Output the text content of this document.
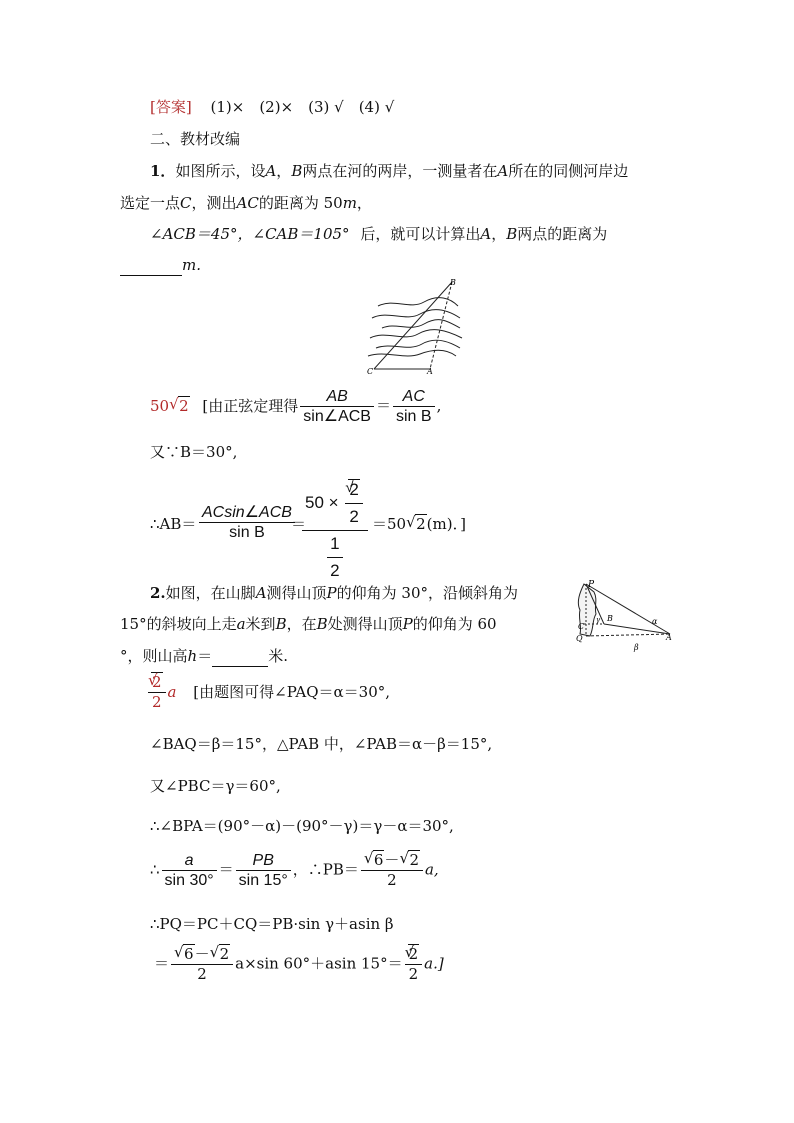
[答案] (1)×　(2)×　(3) √　(4) √
二、教材改编
1．如图所示，设A，B两点在河的两岸，一测量者在A所在的同侧河岸边
选定一点C，测出AC的距离为 50m，
∠ACB＝45°，∠CAB＝105° 后，就可以计算出A，B两点的距离为
m.
B
C	A
50√ 2 [由正弦定理得 $\frac{AB}{\text{sin∠ACB}} = \frac{AC}{\text{sin B}}$ ,
又∵B＝30°,
∴AB＝
ACsin∠ACB
sin B	＝
50 ×
√ $\frac{2}{2}$
$\frac{1}{2} =50√$ 2(m)．]
2.如图，在山脚A测得山顶P的仰角为 30°，沿倾斜角为
15°的斜坡向上走a米到B，在B处测得山顶P的仰角为 60
°，则山高h＝	米.
P
B
C
Q	A
α
β
γ
√ $\frac{2}{2}$ a [由题图可得∠PAQ＝α＝30°,
∠BAQ＝β＝15°，△PAB 中，∠PAB＝α－β＝15°,
又∠PBC＝γ＝60°,
∴∠BPA＝(90°－α)－(90°－γ)＝γ－α＝30°,
∴ $\frac{a}{\sin 30^\circ} = \frac{PB}{\sin 15^\circ}$ ，∴PB＝
√ $\frac{6-√ 2}{2} a$,
∴PQ＝PC＋CQ＝PB·sin γ＋asin β
＝
√ $\frac{6-√ 2}{2} a\times\sin$ 60°＋asin 15°＝
√ $\frac{2}{2} a$.]
